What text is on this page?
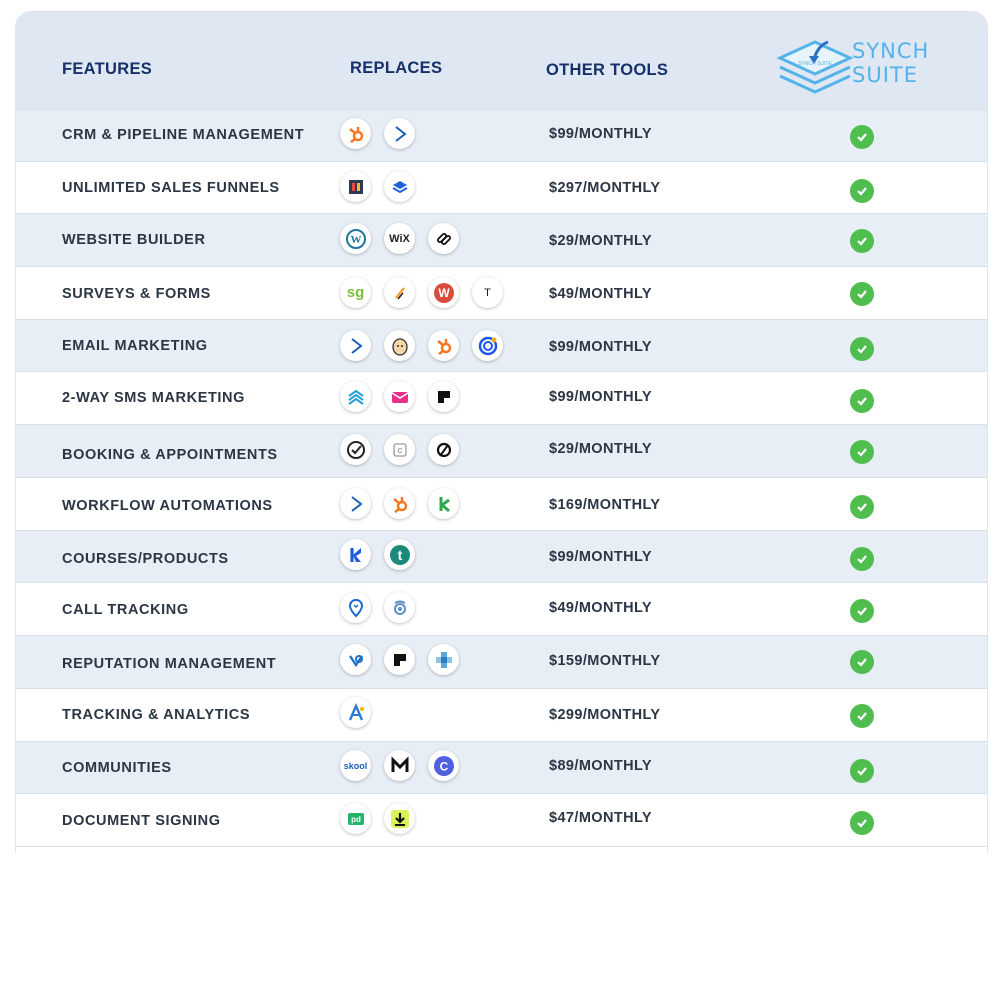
FEATURES	REPLACES	OTHER TOOLS	SYNCH SUITE
SYNCH
SUITE
CRM & PIPELINE MANAGEMENT	$99/MONTHLY
UNLIMITED SALES FUNNELS	$297/MONTHLY
WEBSITE BUILDER	W	WiX	$29/MONTHLY
SURVEYS & FORMS	sg	W	T	$49/MONTHLY
EMAIL MARKETING	$99/MONTHLY
2-WAY SMS MARKETING	$99/MONTHLY
BOOKING & APPOINTMENTS	C	$29/MONTHLY
WORKFLOW AUTOMATIONS	$169/MONTHLY
COURSES/PRODUCTS	t	$99/MONTHLY
CALL TRACKING	$49/MONTHLY
REPUTATION MANAGEMENT	$159/MONTHLY
TRACKING & ANALYTICS	$299/MONTHLY
COMMUNITIES	skool	C	$89/MONTHLY
DOCUMENT SIGNING	pd	$47/MONTHLY
